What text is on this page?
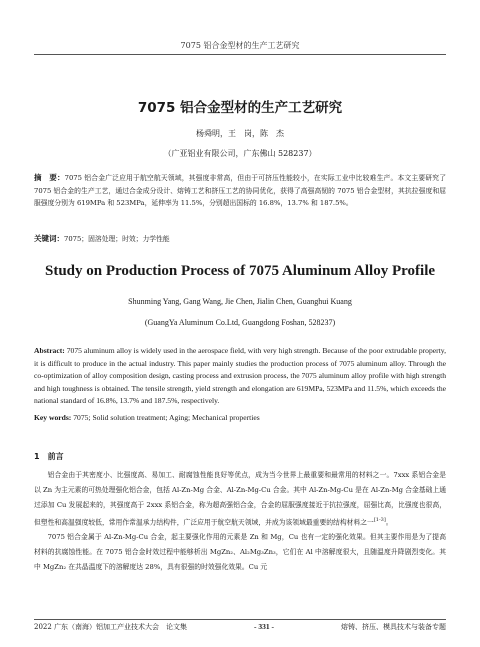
7075 铝合金型材的生产工艺研究
7075 铝合金型材的生产工艺研究
杨舜明，王　岗，陈　杰
（广亚铝业有限公司，广东佛山 528237）
摘　要：7075 铝合金广泛应用于航空航天领域，其强度非常高，但由于可挤压性能较小，在实际工业中比较难生产。本文主要研究了 7075 铝合金的生产工艺，通过合金成分设计、熔铸工艺和挤压工艺的协同优化，获得了高强高韧的 7075 铝合金型材，其抗拉强度和屈服强度分别为 619MPa 和 523MPa，延伸率为 11.5%，分别超出国标的 16.8%，13.7% 和 187.5%。
关键词：7075；固溶处理；时效；力学性能
Study on Production Process of 7075 Aluminum Alloy Profile
Shunming Yang, Gang Wang, Jie Chen, Jialin Chen, Guanghui Kuang
(GuangYa Aluminum Co.Ltd, Guangdong Foshan, 528237)
Abstract: 7075 aluminum alloy is widely used in the aerospace field, with very high strength. Because of the poor extrudable property, it is difficult to produce in the actual industry. This paper mainly studies the production process of 7075 aluminum alloy. Through the co-optimization of alloy composition design, casting process and extrusion process, the 7075 aluminum alloy profile with high strength and high toughness is obtained. The tensile strength, yield strength and elongation are 619MPa, 523MPa and 11.5%, which exceeds the national standard of 16.8%, 13.7% and 187.5%, respectively.
Key words: 7075; Solid solution treatment; Aging; Mechanical properties
1　前言

铝合金由于其密度小、比强度高、易加工、耐腐蚀性能良好等优点，成为当今世界上最重要和最常用的材料之一。7xxx 系铝合金是以 Zn 为主元素的可热处理强化铝合金，包括 Al-Zn-Mg 合金、Al-Zn-Mg-Cu 合金。其中 Al-Zn-Mg-Cu 是在 Al-Zn-Mg 合金基础上通过添加 Cu 发展起来的，其强度高于 2xxx 系铝合金，称为超高强铝合金，合金的屈服强度接近于抗拉强度，屈强比高，比强度也很高，但塑性和高温强度较低，常用作常温承力结构件，广泛应用于航空航天领域，并成为该领域最重要的结构材料之一[1-3]。

7075 铝合金属于 Al-Zn-Mg-Cu 合金，起主要强化作用的元素是 Zn 和 Mg，Cu 也有一定的强化效果。但其主要作用是为了提高材料的抗腐蚀性能。在 7075 铝合金时效过程中能够析出 MgZn₂、Al₂Mg₃Zn₃，它们在 Al 中溶解度很大，且随温度升降剧烈变化。其中 MgZn₂ 在共晶温度下的溶解度达 28%，具有很强的时效强化效果。Cu 元

2022 广东（南海）铝加工产业技术大会　论文集	- 331 -	熔铸、挤压、模具技术与装备专题
